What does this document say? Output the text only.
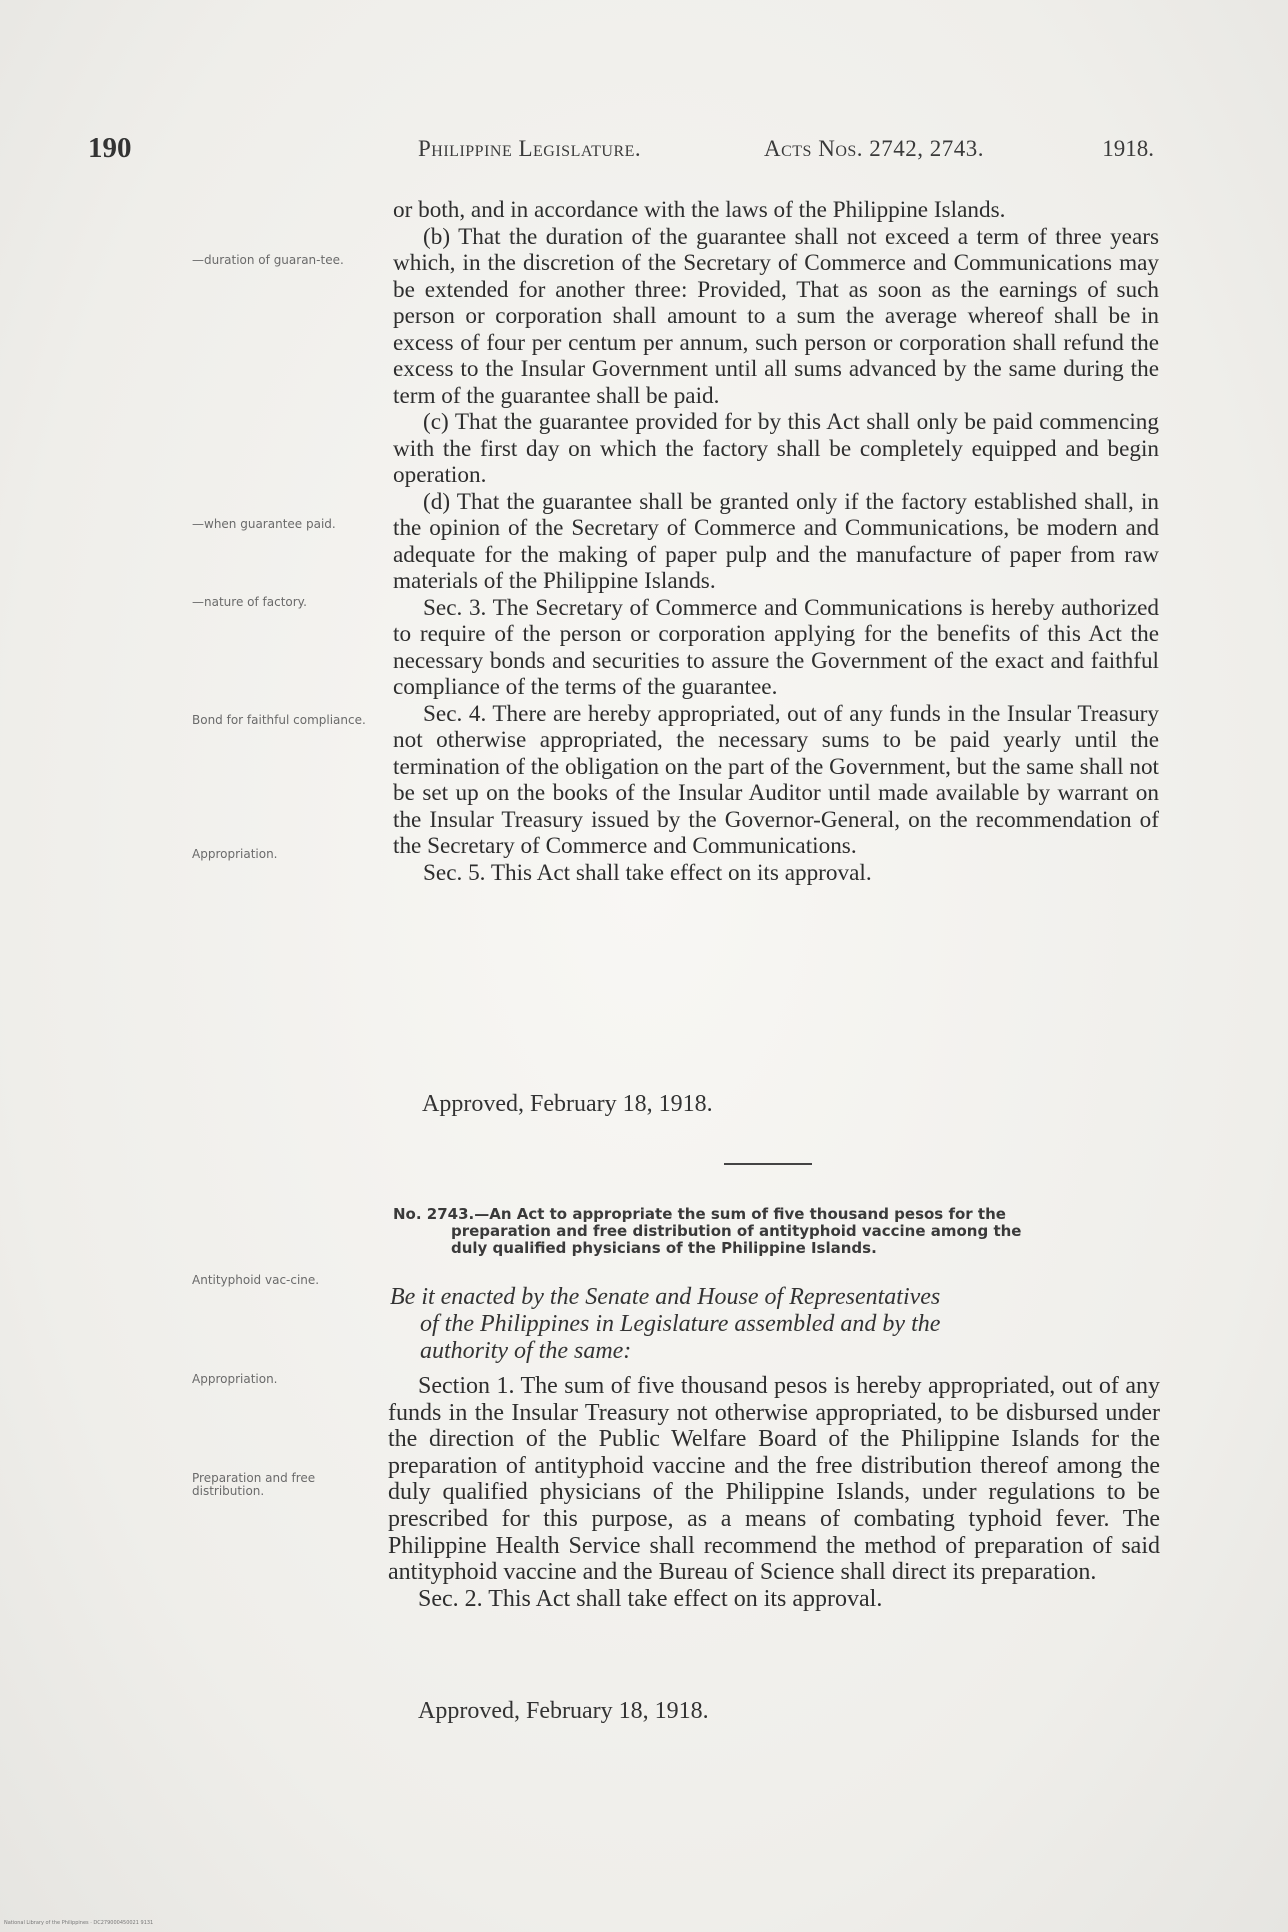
190	Philippine Legislature.	Acts Nos. 2742, 2743.	1918.
—duration of guaran-tee.
—when guarantee paid.
—nature of factory.
Bond for faithful compliance.
Appropriation.
Antityphoid vac-cine.
Appropriation.
Preparation and free distribution.

or both, and in accordance with the laws of the Philippine Islands.

(b) That the duration of the guarantee shall not exceed a term of three years which, in the discretion of the Secretary of Commerce and Communications may be extended for another three: Provided, That as soon as the earnings of such person or corporation shall amount to a sum the average whereof shall be in excess of four per centum per annum, such person or corporation shall refund the excess to the Insular Government until all sums advanced by the same during the term of the guarantee shall be paid.

(c) That the guarantee provided for by this Act shall only be paid commencing with the first day on which the factory shall be completely equipped and begin operation.

(d) That the guarantee shall be granted only if the factory established shall, in the opinion of the Secretary of Commerce and Communications, be modern and adequate for the making of paper pulp and the manufacture of paper from raw materials of the Philippine Islands.

Sec. 3. The Secretary of Commerce and Communications is hereby authorized to require of the person or corporation applying for the benefits of this Act the necessary bonds and securities to assure the Government of the exact and faithful compliance of the terms of the guarantee.

Sec. 4. There are hereby appropriated, out of any funds in the Insular Treasury not otherwise appropriated, the necessary sums to be paid yearly until the termination of the obligation on the part of the Government, but the same shall not be set up on the books of the Insular Auditor until made available by warrant on the Insular Treasury issued by the Governor-General, on the recommendation of the Secretary of Commerce and Communications.

Sec. 5. This Act shall take effect on its approval.

Approved, February 18, 1918.
No. 2743.—An Act to appropriate the sum of five thousand pesos for the
preparation and free distribution of antityphoid vaccine among the
duly qualified physicians of the Philippine Islands.
Be it enacted by the Senate and House of Representatives
of the Philippines in Legislature assembled and by the
authority of the same:

Section 1. The sum of five thousand pesos is hereby appropriated, out of any funds in the Insular Treasury not otherwise appropriated, to be disbursed under the direction of the Public Welfare Board of the Philippine Islands for the preparation of antityphoid vaccine and the free distribution thereof among the duly qualified physicians of the Philippine Islands, under regulations to be prescribed for this purpose, as a means of combating typhoid fever. The Philippine Health Service shall recommend the method of preparation of said antityphoid vaccine and the Bureau of Science shall direct its preparation.

Sec. 2. This Act shall take effect on its approval.

Approved, February 18, 1918.
National Library of the Philippines · DC279000450021 9131
